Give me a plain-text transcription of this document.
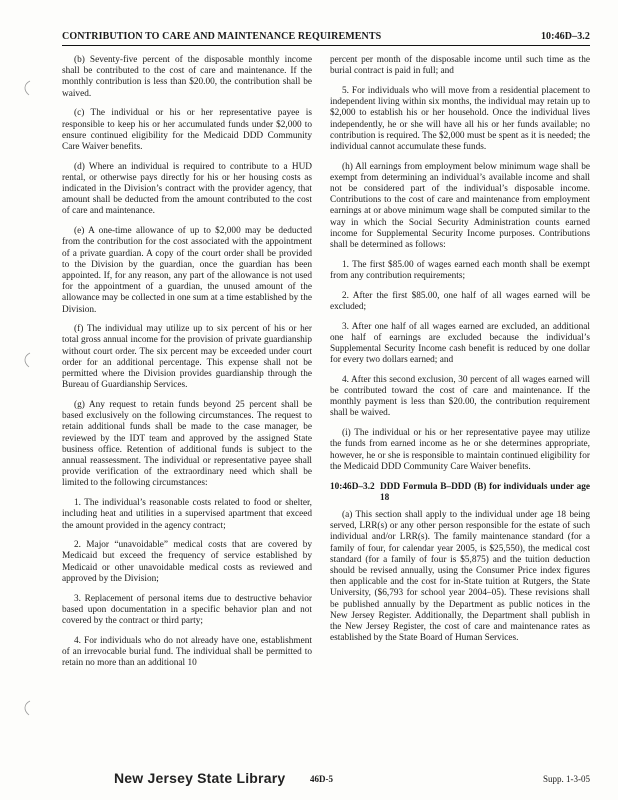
CONTRIBUTION TO CARE AND MAINTENANCE REQUIREMENTS	10:46D–3.2

(b) Seventy-five percent of the disposable monthly income shall be contributed to the cost of care and maintenance. If the monthly contribution is less than $20.00, the contribution shall be waived.

(c) The individual or his or her representative payee is responsible to keep his or her accumulated funds under $2,000 to ensure continued eligibility for the Medicaid DDD Community Care Waiver benefits.

(d) Where an individual is required to contribute to a HUD rental, or otherwise pays directly for his or her housing costs as indicated in the Division’s contract with the provider agency, that amount shall be deducted from the amount contributed to the cost of care and maintenance.

(e) A one-time allowance of up to $2,000 may be deducted from the contribution for the cost associated with the appointment of a private guardian. A copy of the court order shall be provided to the Division by the guardian, once the guardian has been appointed. If, for any reason, any part of the allowance is not used for the appointment of a guardian, the unused amount of the allowance may be collected in one sum at a time established by the Division.

(f) The individual may utilize up to six percent of his or her total gross annual income for the provision of private guardianship without court order. The six percent may be exceeded under court order for an additional percentage. This expense shall not be permitted where the Division provides guardianship through the Bureau of Guardianship Services.

(g) Any request to retain funds beyond 25 percent shall be based exclusively on the following circumstances. The request to retain additional funds shall be made to the case manager, be reviewed by the IDT team and approved by the assigned State business office. Retention of additional funds is subject to the annual reassessment. The individual or representative payee shall provide verification of the extraordinary need which shall be limited to the following circumstances:

1. The individual’s reasonable costs related to food or shelter, including heat and utilities in a supervised apartment that exceed the amount provided in the agency contract;

2. Major “unavoidable” medical costs that are covered by Medicaid but exceed the frequency of service established by Medicaid or other unavoidable medical costs as reviewed and approved by the Division;

3. Replacement of personal items due to destructive behavior based upon documentation in a specific behavior plan and not covered by the contract or third party;

4. For individuals who do not already have one, establishment of an irrevocable burial fund. The individual shall be permitted to retain no more than an additional 10

percent per month of the disposable income until such time as the burial contract is paid in full; and

5. For individuals who will move from a residential placement to independent living within six months, the individual may retain up to $2,000 to establish his or her household. Once the individual lives independently, he or she will have all his or her funds available; no contribution is required. The $2,000 must be spent as it is needed; the individual cannot accumulate these funds.

(h) All earnings from employment below minimum wage shall be exempt from determining an individual’s available income and shall not be considered part of the individual’s disposable income. Contributions to the cost of care and maintenance from employment earnings at or above minimum wage shall be computed similar to the way in which the Social Security Administration counts earned income for Supplemental Security Income purposes. Contributions shall be determined as follows:

1. The first $85.00 of wages earned each month shall be exempt from any contribution requirements;

2. After the first $85.00, one half of all wages earned will be excluded;

3. After one half of all wages earned are excluded, an additional one half of earnings are excluded because the individual’s Supplemental Security Income cash benefit is reduced by one dollar for every two dollars earned; and

4. After this second exclusion, 30 percent of all wages earned will be contributed toward the cost of care and maintenance. If the monthly payment is less than $20.00, the contribution requirement shall be waived.

(i) The individual or his or her representative payee may utilize the funds from earned income as he or she determines appropriate, however, he or she is responsible to maintain continued eligibility for the Medicaid DDD Community Care Waiver benefits.

10:46D–3.2 DDD Formula B–DDD (B) for individuals under age 18

(a) This section shall apply to the individual under age 18 being served, LRR(s) or any other person responsible for the estate of such individual and/or LRR(s). The family maintenance standard (for a family of four, for calendar year 2005, is $25,550), the medical cost standard (for a family of four is $5,875) and the tuition deduction should be revised annually, using the Consumer Price index figures then applicable and the cost for in-State tuition at Rutgers, the State University, ($6,793 for school year 2004–05). These revisions shall be published annually by the Department as public notices in the New Jersey Register. Additionally, the Department shall publish in the New Jersey Register, the cost of care and maintenance rates as established by the State Board of Human Services.

New Jersey State Library	46D-5	Supp. 1-3-05
